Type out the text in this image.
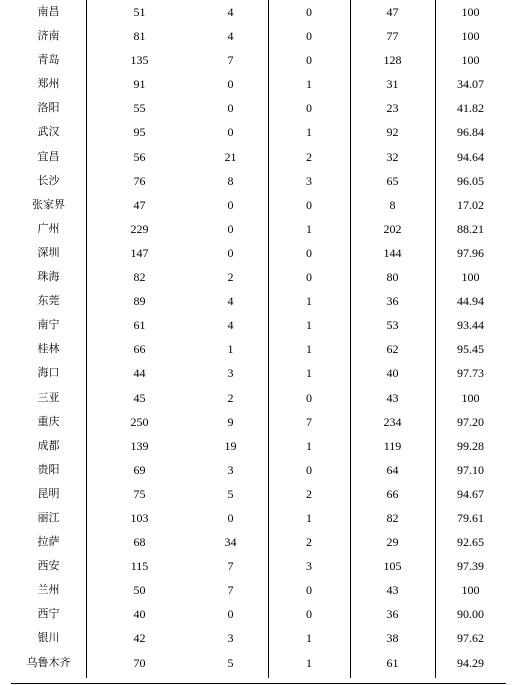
南昌	51	4	0	47	100
济南	81	4	0	77	100
青岛	135	7	0	128	100
郑州	91	0	1	31	34.07
洛阳	55	0	0	23	41.82
武汉	95	0	1	92	96.84
宜昌	56	21	2	32	94.64
长沙	76	8	3	65	96.05
张家界	47	0	0	8	17.02
广州	229	0	1	202	88.21
深圳	147	0	0	144	97.96
珠海	82	2	0	80	100
东莞	89	4	1	36	44.94
南宁	61	4	1	53	93.44
桂林	66	1	1	62	95.45
海口	44	3	1	40	97.73
三亚	45	2	0	43	100
重庆	250	9	7	234	97.20
成都	139	19	1	119	99.28
贵阳	69	3	0	64	97.10
昆明	75	5	2	66	94.67
丽江	103	0	1	82	79.61
拉萨	68	34	2	29	92.65
西安	115	7	3	105	97.39
兰州	50	7	0	43	100
西宁	40	0	0	36	90.00
银川	42	3	1	38	97.62
乌鲁木齐	70	5	1	61	94.29
